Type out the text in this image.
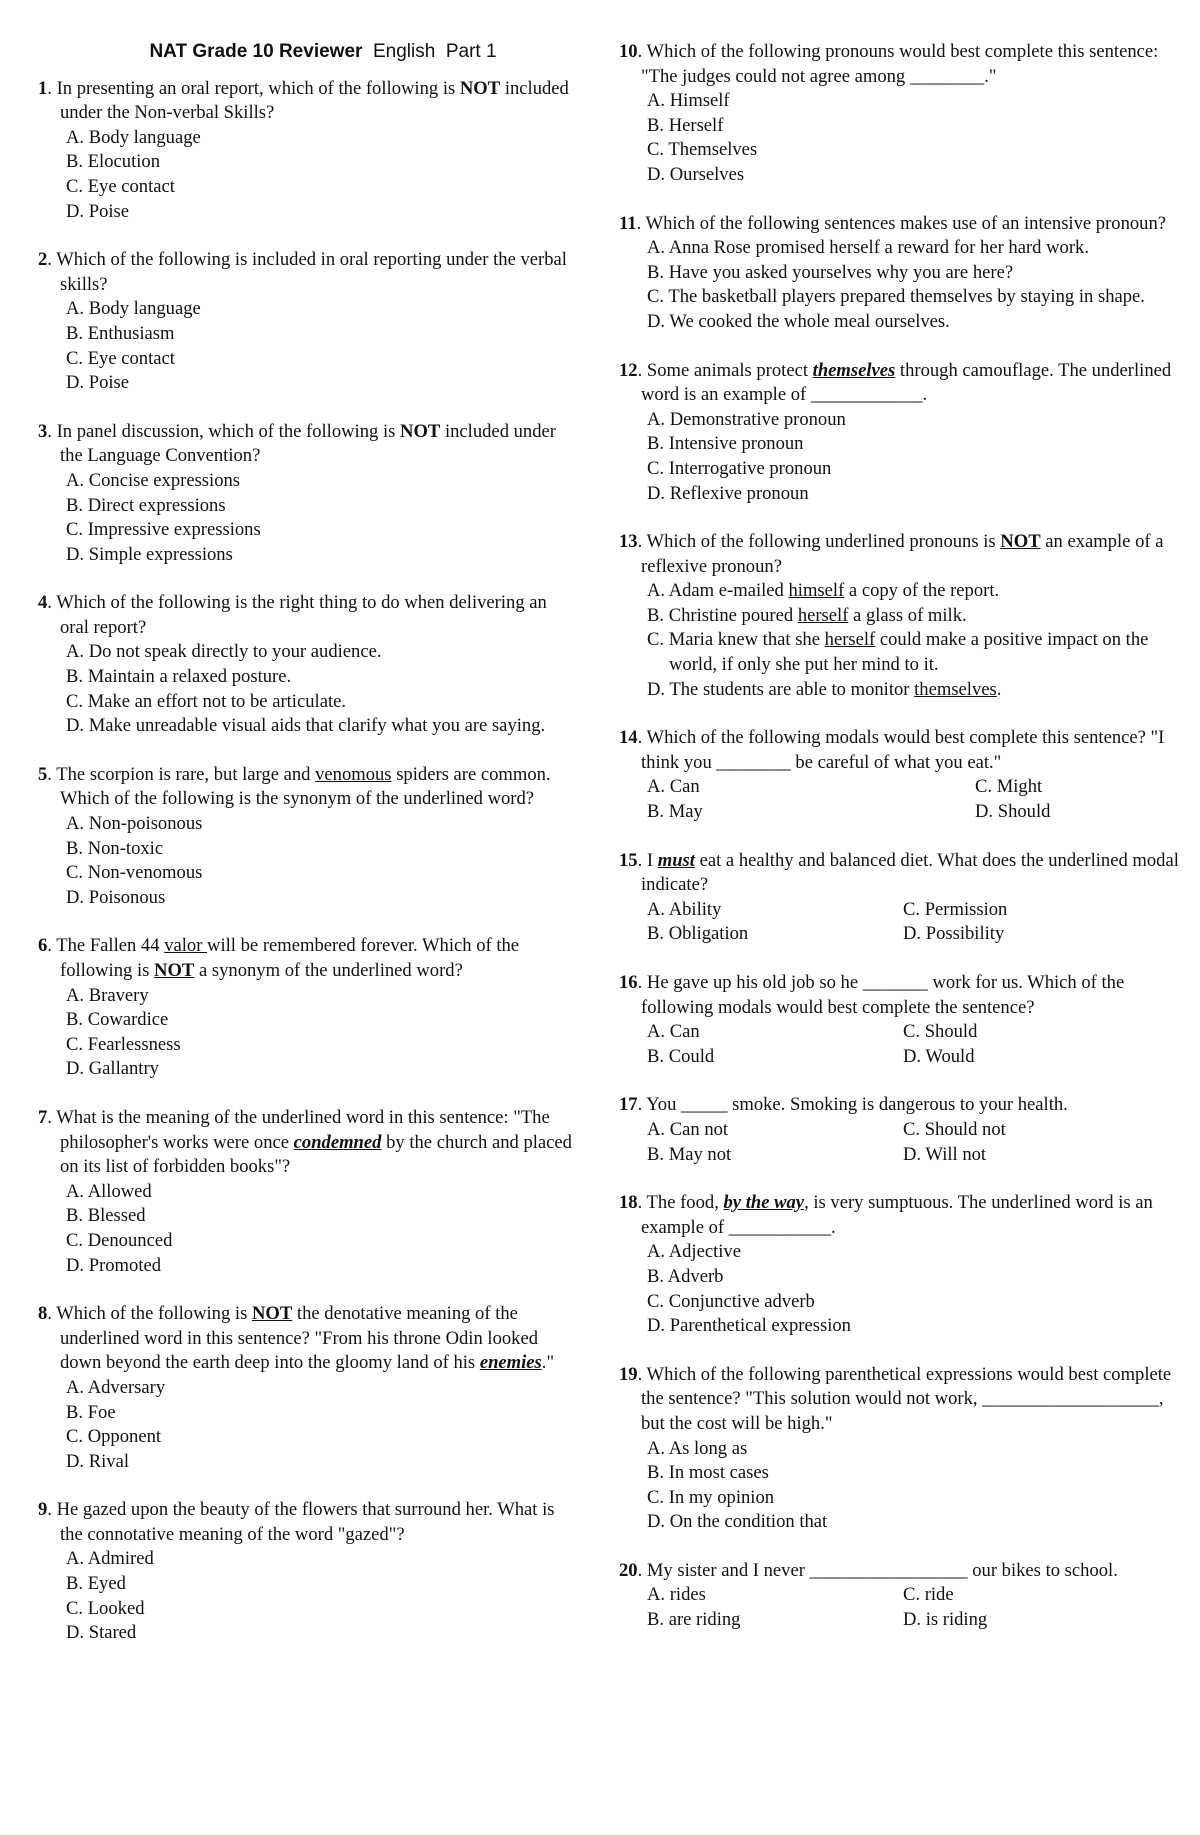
NAT Grade 10 Reviewer English Part 1
1. In presenting an oral report, which of the following is NOT included under the Non-verbal Skills?
A. Body language
B. Elocution
C. Eye contact
D. Poise
2. Which of the following is included in oral reporting under the verbal skills?
A. Body language
B. Enthusiasm
C. Eye contact
D. Poise
3. In panel discussion, which of the following is NOT included under the Language Convention?
A. Concise expressions
B. Direct expressions
C. Impressive expressions
D. Simple expressions
4. Which of the following is the right thing to do when delivering an oral report?
A. Do not speak directly to your audience.
B. Maintain a relaxed posture.
C. Make an effort not to be articulate.
D. Make unreadable visual aids that clarify what you are saying.
5. The scorpion is rare, but large and venomous spiders are common. Which of the following is the synonym of the underlined word?
A. Non-poisonous
B. Non-toxic
C. Non-venomous
D. Poisonous
6. The Fallen 44 valor will be remembered forever. Which of the following is NOT a synonym of the underlined word?
A. Bravery
B. Cowardice
C. Fearlessness
D. Gallantry
7. What is the meaning of the underlined word in this sentence: "The philosopher's works were once condemned by the church and placed on its list of forbidden books"?
A. Allowed
B. Blessed
C. Denounced
D. Promoted
8. Which of the following is NOT the denotative meaning of the underlined word in this sentence? "From his throne Odin looked down beyond the earth deep into the gloomy land of his enemies."
A. Adversary
B. Foe
C. Opponent
D. Rival
9. He gazed upon the beauty of the flowers that surround her. What is the connotative meaning of the word "gazed"?
A. Admired
B. Eyed
C. Looked
D. Stared
10. Which of the following pronouns would best complete this sentence: "The judges could not agree among ________."
A. Himself
B. Herself
C. Themselves
D. Ourselves
11. Which of the following sentences makes use of an intensive pronoun?
A. Anna Rose promised herself a reward for her hard work.
B. Have you asked yourselves why you are here?
C. The basketball players prepared themselves by staying in shape.
D. We cooked the whole meal ourselves.
12. Some animals protect themselves through camouflage. The underlined word is an example of ____________.
A. Demonstrative pronoun
B. Intensive pronoun
C. Interrogative pronoun
D. Reflexive pronoun
13. Which of the following underlined pronouns is NOT an example of a reflexive pronoun?
A. Adam e-mailed himself a copy of the report.
B. Christine poured herself a glass of milk.
C. Maria knew that she herself could make a positive impact on the world, if only she put her mind to it.
D. The students are able to monitor themselves.
14. Which of the following modals would best complete this sentence? "I think you ________ be careful of what you eat."
A. Can	C. Might
B. May	D. Should
15. I must eat a healthy and balanced diet. What does the underlined modal indicate?
A. Ability	C. Permission
B. Obligation	D. Possibility
16. He gave up his old job so he _______ work for us. Which of the following modals would best complete the sentence?
A. Can	C. Should
B. Could	D. Would
17. You _____ smoke. Smoking is dangerous to your health.
A. Can not	C. Should not
B. May not	D. Will not
18. The food, by the way, is very sumptuous. The underlined word is an example of ___________.
A. Adjective
B. Adverb
C. Conjunctive adverb
D. Parenthetical expression
19. Which of the following parenthetical expressions would best complete the sentence? "This solution would not work, ___________________, but the cost will be high."
A. As long as
B. In most cases
C. In my opinion
D. On the condition that
20. My sister and I never _________________ our bikes to school.
A. rides	C. ride
B. are riding	D. is riding
